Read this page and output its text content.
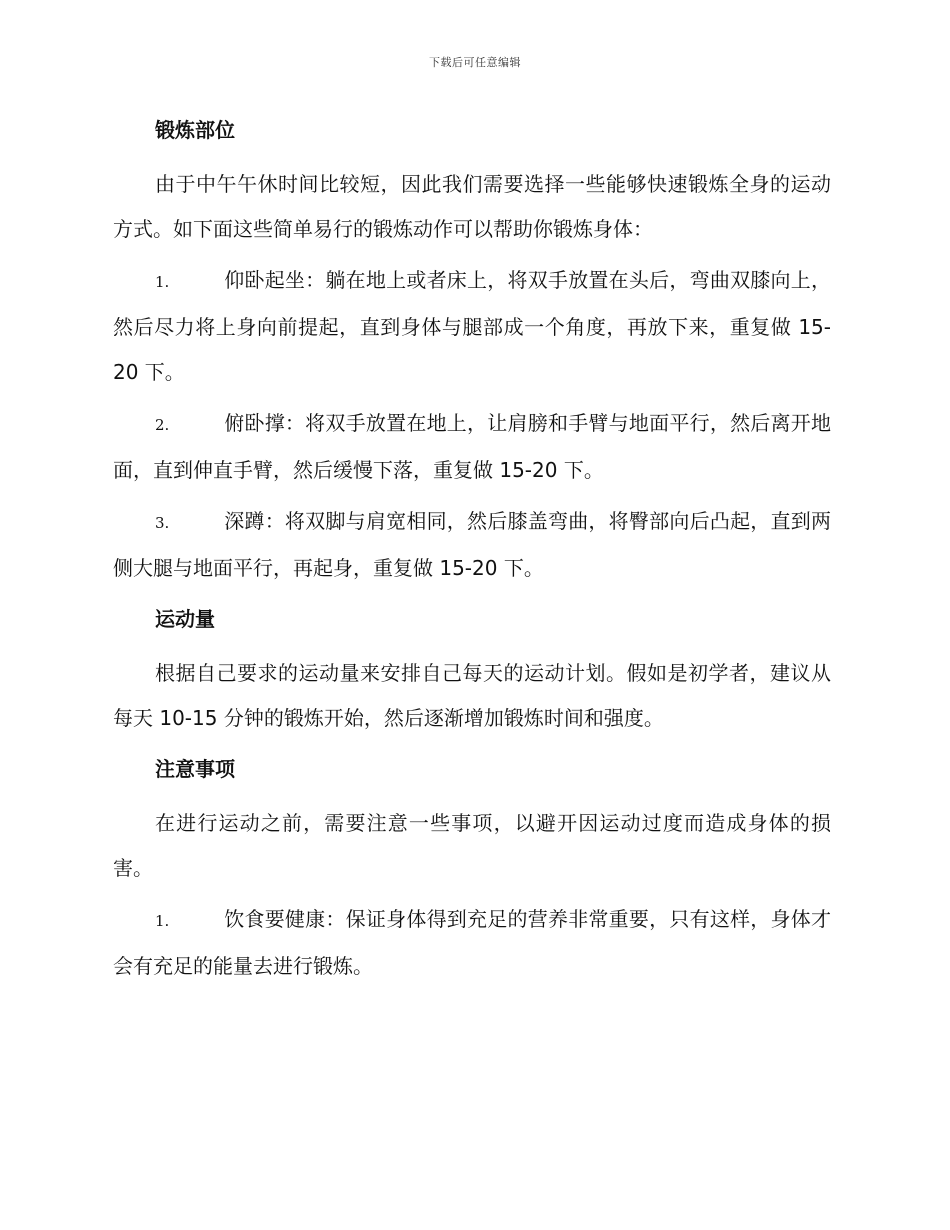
下载后可任意编辑
锻炼部位

由于中午午休时间比较短，因此我们需要选择一些能够快速锻炼全身的运动方式。如下面这些简单易行的锻炼动作可以帮助你锻炼身体：

1.	仰卧起坐：躺在地上或者床上，将双手放置在头后，弯曲双膝向上，然后尽力将上身向前提起，直到身体与腿部成一个角度，再放下来，重复做 15-20 下。

2.	俯卧撑：将双手放置在地上，让肩膀和手臂与地面平行，然后离开地面，直到伸直手臂，然后缓慢下落，重复做 15-20 下。

3.	深蹲：将双脚与肩宽相同，然后膝盖弯曲，将臀部向后凸起，直到两侧大腿与地面平行，再起身，重复做 15-20 下。

运动量

根据自己要求的运动量来安排自己每天的运动计划。假如是初学者，建议从每天 10-15 分钟的锻炼开始，然后逐渐增加锻炼时间和强度。

注意事项

在进行运动之前，需要注意一些事项，以避开因运动过度而造成身体的损害。

1.	饮食要健康：保证身体得到充足的营养非常重要，只有这样，身体才会有充足的能量去进行锻炼。
